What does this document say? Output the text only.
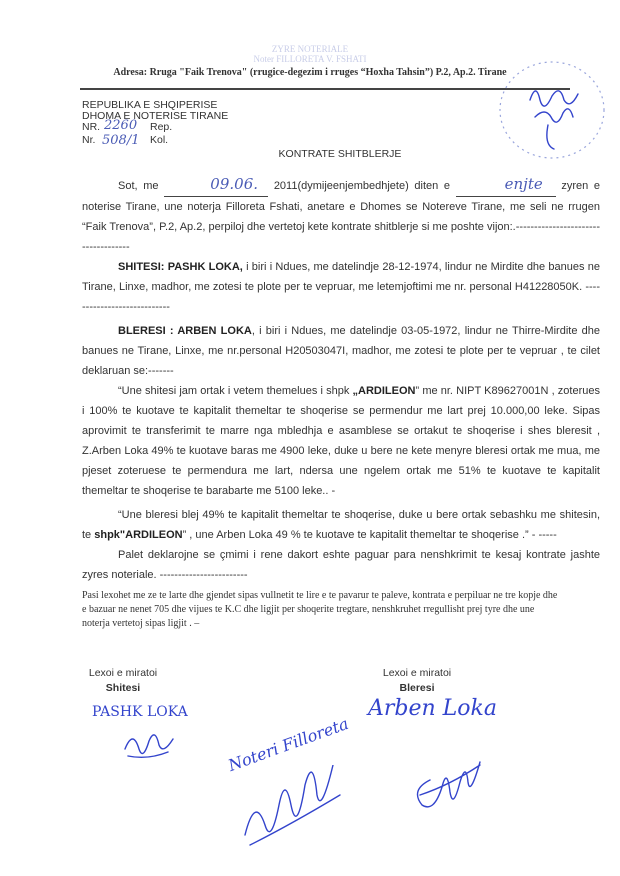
ZYRE NOTERIALE
Noter FILLORETA V. FSHATI
Adresa: Rruga "Faik Trenova" (rrugice-degezim i rruges “Hoxha Tahsin”) P.2, Ap.2. Tirane
REPUBLIKA E SHQIPERISE
DHOMA E NOTERISE TIRANE
NR. 2260 Rep.
Nr. 508/1 Kol.
KONTRATE SHITBLERJE

Sot, me	09.06. 2011(dymijeenjembedhjete) diten e	enjte zyren e noterise Tirane, une noterja Filloreta Fshati, anetare e Dhomes se Notereve Tirane, me seli ne rrugen “Faik Trenova”, P.2, Ap.2, perpiloj dhe vertetoj kete kontrate shitblerje si me poshte vijon:.------------------------------------

SHITESI: PASHK LOKA, i biri i Ndues, me datelindje 28-12-1974, lindur ne Mirdite dhe banues ne Tirane, Linxe, madhor, me zotesi te plote per te vepruar, me letemjoftimi me nr. personal H41228050K. ----------------------------

BLERESI : ARBEN LOKA, i biri i Ndues, me datelindje 03-05-1972, lindur ne Thirre-Mirdite dhe banues ne Tirane, Linxe, me nr.personal H20503047I, madhor, me zotesi te plote per te vepruar , te cilet deklaruan se:-------

“Une shitesi jam ortak i vetem themelues i shpk „ARDILEON” me nr. NIPT K89627001N , zoterues i 100% te kuotave te kapitalit themeltar te shoqerise se permendur me lart prej 10.000,00 leke. Sipas aprovimit te transferimit te marre nga mbledhja e asamblese se ortakut te shoqerise i shes bleresit , Z.Arben Loka 49% te kuotave baras me 4900 leke, duke u bere ne kete menyre bleresi ortak me mua, me pjeset zoteruese te permendura me lart, ndersa une ngelem ortak me 51% te kuotave te kapitalit themeltar te shoqerise te barabarte me 5100 leke.. -

“Une bleresi blej 49% te kapitalit themeltar te shoqerise, duke u bere ortak sebashku me shitesin, te shpk"ARDILEON” , une Arben Loka 49 % te kuotave te kapitalit themeltar te shoqerise .” - -----

Palet deklarojne se çmimi i rene dakort eshte paguar para nenshkrimit te kesaj kontrate jashte zyres noteriale. ------------------------

Pasi lexohet me ze te larte dhe gjendet sipas vullnetit te lire e te pavarur te paleve, kontrata e perpiluar ne tre kopje dhe e bazuar ne nenet 705 dhe vijues te K.C dhe ligjit per shoqerite tregtare, nenshkruhet rregullisht prej tyre dhe une noterja vertetoj sipas ligjit . –
Lexoi e miratoi
Shitesi
Lexoi e miratoi
Bleresi
PASHK LOKA	Arben Loka
Noteri Filloreta
